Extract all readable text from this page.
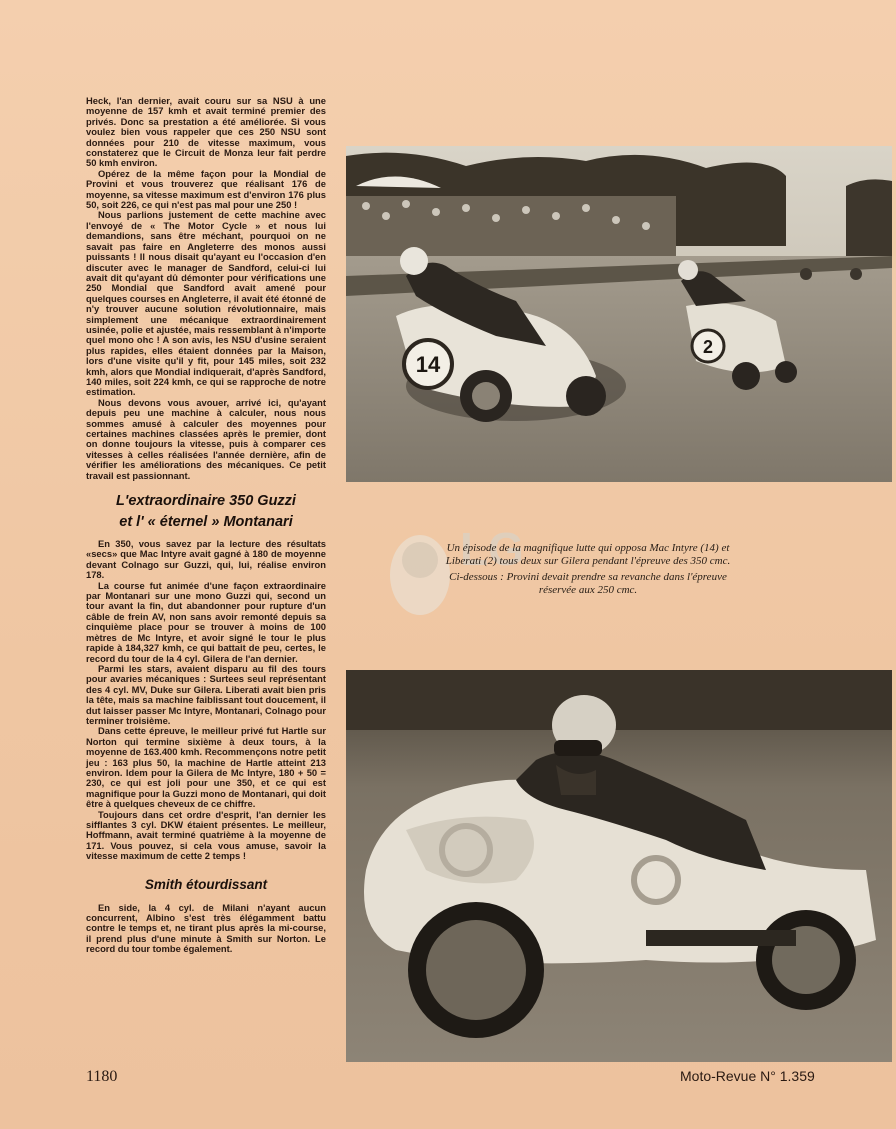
Heck, l'an dernier, avait couru sur sa NSU à une moyenne de 157 kmh et avait terminé premier des privés. Donc sa prestation a été améliorée. Si vous voulez bien vous rappeler que ces 250 NSU sont données pour 210 de vitesse maximum, vous constaterez que le Circuit de Monza leur fait perdre 50 kmh environ.

Opérez de la même façon pour la Mondial de Provini et vous trouverez que réalisant 176 de moyenne, sa vitesse maximum est d'environ 176 plus 50, soit 226, ce qui n'est pas mal pour une 250 !

Nous parlions justement de cette machine avec l'envoyé de « The Motor Cycle » et nous lui demandions, sans être méchant, pourquoi on ne savait pas faire en Angleterre des monos aussi puissants ! Il nous disait qu'ayant eu l'occasion d'en discuter avec le manager de Sandford, celui-ci lui avait dit qu'ayant dû démonter pour vérifications une 250 Mondial que Sandford avait amené pour quelques courses en Angleterre, il avait été étonné de n'y trouver aucune solution révolutionnaire, mais simplement une mécanique extraordinairement usinée, polie et ajustée, mais ressemblant à n'importe quel mono ohc ! A son avis, les NSU d'usine seraient plus rapides, elles étaient données par la Maison, lors d'une visite qu'il y fit, pour 145 miles, soit 232 kmh, alors que Mondial indiquerait, d'après Sandford, 140 miles, soit 224 kmh, ce qui se rapproche de notre estimation.

Nous devons vous avouer, arrivé ici, qu'ayant depuis peu une machine à calculer, nous nous sommes amusé à calculer des moyennes pour certaines machines classées après le premier, dont on donne toujours la vitesse, puis à comparer ces vitesses à celles réalisées l'année dernière, afin de vérifier les améliorations des mécaniques. Ce petit travail est passionnant.

L'extraordinaire 350 Guzzi
et l' « éternel » Montanari

En 350, vous savez par la lecture des résultats «secs» que Mac Intyre avait gagné à 180 de moyenne devant Colnago sur Guzzi, qui, lui, réalise environ 178.

La course fut animée d'une façon extraordinaire par Montanari sur une mono Guzzi qui, second un tour avant la fin, dut abandonner pour rupture d'un câble de frein AV, non sans avoir remonté depuis sa cinquième place pour se trouver à moins de 100 mètres de Mc Intyre, et avoir signé le tour le plus rapide à 184,327 kmh, ce qui battait de peu, certes, le record du tour de la 4 cyl. Gilera de l'an dernier.

Parmi les stars, avaient disparu au fil des tours pour avaries mécaniques : Surtees seul représentant des 4 cyl. MV, Duke sur Gilera. Liberati avait bien pris la tête, mais sa machine faiblissant tout doucement, il dut laisser passer Mc Intyre, Montanari, Colnago pour terminer troisième.

Dans cette épreuve, le meilleur privé fut Hartle sur Norton qui termine sixième à deux tours, à la moyenne de 163.400 kmh. Recommençons notre petit jeu : 163 plus 50, la machine de Hartle atteint 213 environ. Idem pour la Gilera de Mc Intyre, 180 + 50 = 230, ce qui est joli pour une 350, et ce qui est magnifique pour la Guzzi mono de Montanari, qui doit être à quelques cheveux de ce chiffre.

Toujours dans cet ordre d'esprit, l'an dernier les sifflantes 3 cyl. DKW étaient présentes. Le meilleur, Hoffmann, avait terminé quatrième à la moyenne de 171. Vous pouvez, si cela vous amuse, savoir la vitesse maximum de cette 2 temps !

Smith étourdissant

En side, la 4 cyl. de Milani n'ayant aucun concurrent, Albino s'est très élégamment battu contre le temps et, ne tirant plus après la mi-course, il prend plus d'une minute à Smith sur Norton. Le record du tour tombe également.

14
2
LG

Un épisode de la magnifique lutte qui opposa Mac Intyre (14) et Liberati (2) tous deux sur Gilera pendant l'épreuve des 350 cmc.

Ci-dessous : Provini devait prendre sa revanche dans l'épreuve réservée aux 250 cmc.

1180	Moto-Revue N° 1.359
